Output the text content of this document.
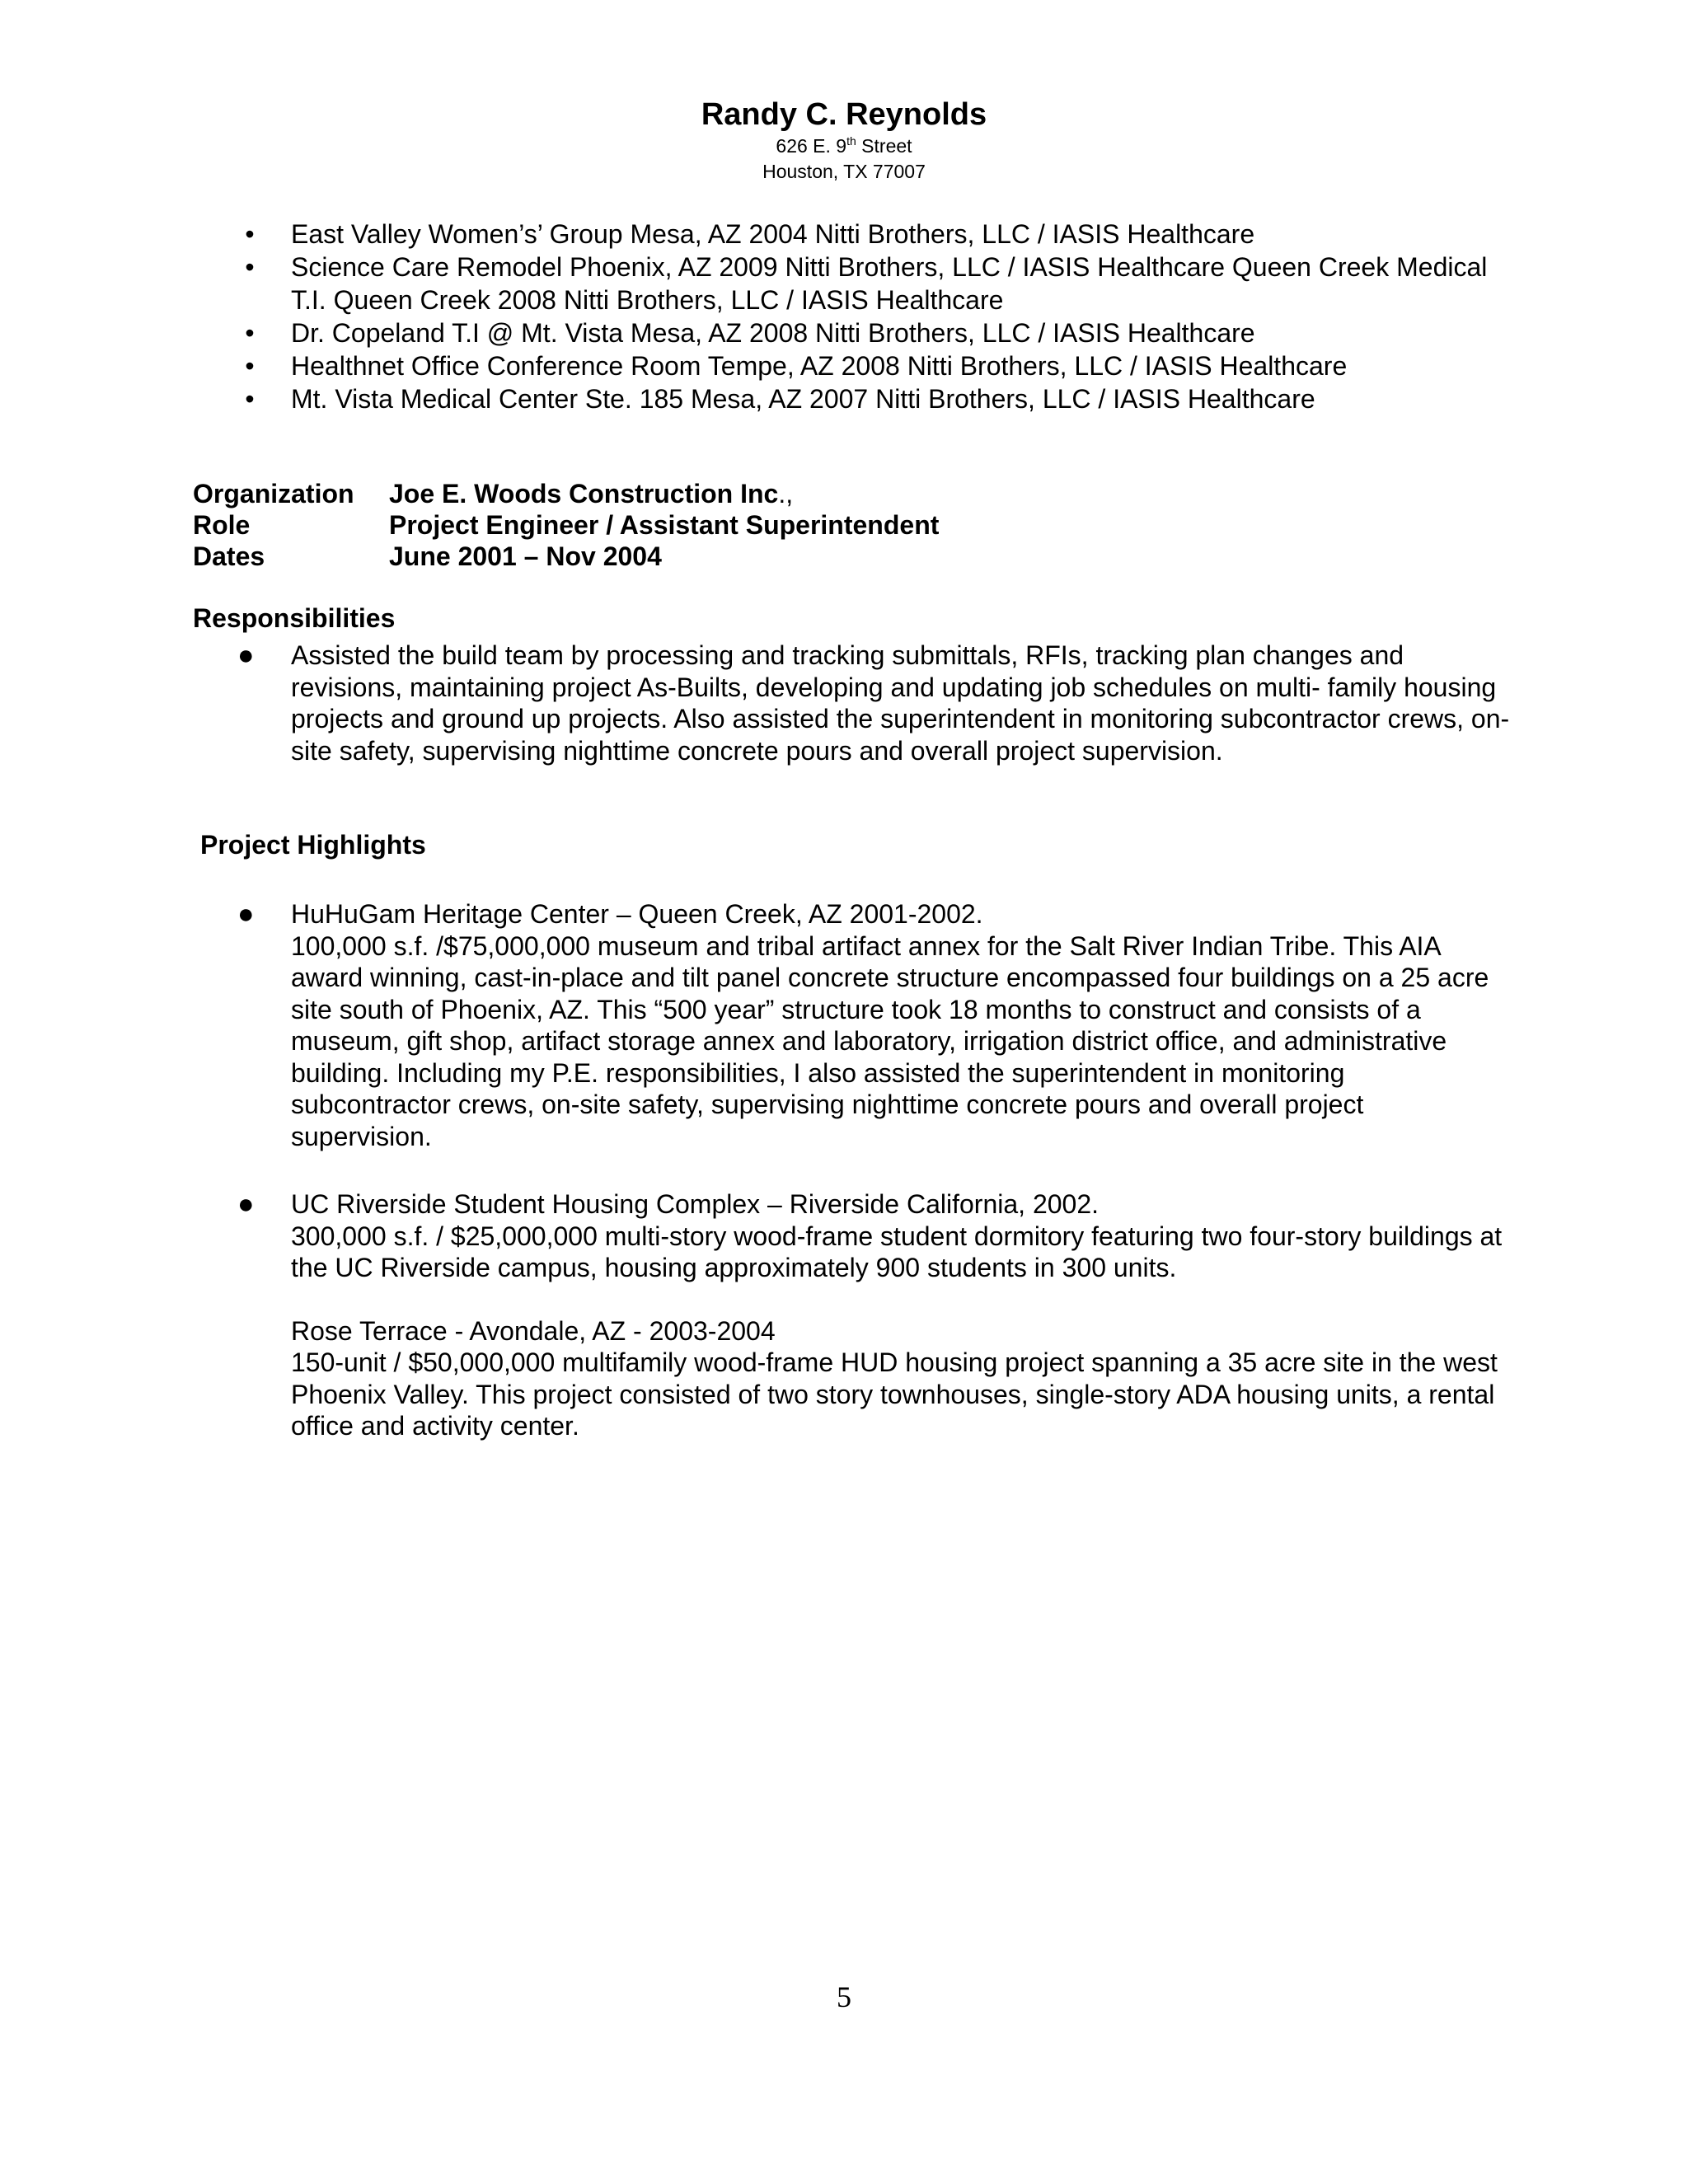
Randy C. Reynolds
626 E. 9th Street
Houston, TX 77007
• East Valley Women’s’ Group Mesa, AZ 2004 Nitti Brothers, LLC / IASIS Healthcare
• Science Care Remodel Phoenix, AZ 2009 Nitti Brothers, LLC / IASIS Healthcare Queen Creek Medical T.I. Queen Creek 2008 Nitti Brothers, LLC / IASIS Healthcare
• Dr. Copeland T.I @ Mt. Vista Mesa, AZ 2008 Nitti Brothers, LLC / IASIS Healthcare
• Healthnet Office Conference Room Tempe, AZ 2008 Nitti Brothers, LLC / IASIS Healthcare
• Mt. Vista Medical Center Ste. 185 Mesa, AZ 2007 Nitti Brothers, LLC / IASIS Healthcare
Organization	Joe E. Woods Construction Inc.,
Role	Project Engineer / Assistant Superintendent
Dates	June 2001 – Nov 2004
Responsibilities
● Assisted the build team by processing and tracking submittals, RFIs, tracking plan changes and revisions, maintaining project As-Builts, developing and updating job schedules on multi- family housing projects and ground up projects. Also assisted the superintendent in monitoring subcontractor crews, on-site safety, supervising nighttime concrete pours and overall project supervision.
Project Highlights
● HuHuGam Heritage Center – Queen Creek, AZ 2001-2002.
100,000 s.f. /$75,000,000 museum and tribal artifact annex for the Salt River Indian Tribe. This AIA award winning, cast-in-place and tilt panel concrete structure encompassed four buildings on a 25 acre site south of Phoenix, AZ. This “500 year” structure took 18 months to construct and consists of a museum, gift shop, artifact storage annex and laboratory, irrigation district office, and administrative building. Including my P.E. responsibilities, I also assisted the superintendent in monitoring subcontractor crews, on-site safety, supervising nighttime concrete pours and overall project supervision.
● UC Riverside Student Housing Complex – Riverside California, 2002.
300,000 s.f. / $25,000,000 multi-story wood-frame student dormitory featuring two four-story buildings at the UC Riverside campus, housing approximately 900 students in 300 units.
Rose Terrace - Avondale, AZ - 2003-2004
150-unit / $50,000,000 multifamily wood-frame HUD housing project spanning a 35 acre site in the west Phoenix Valley. This project consisted of two story townhouses, single-story ADA housing units, a rental office and activity center.
5
